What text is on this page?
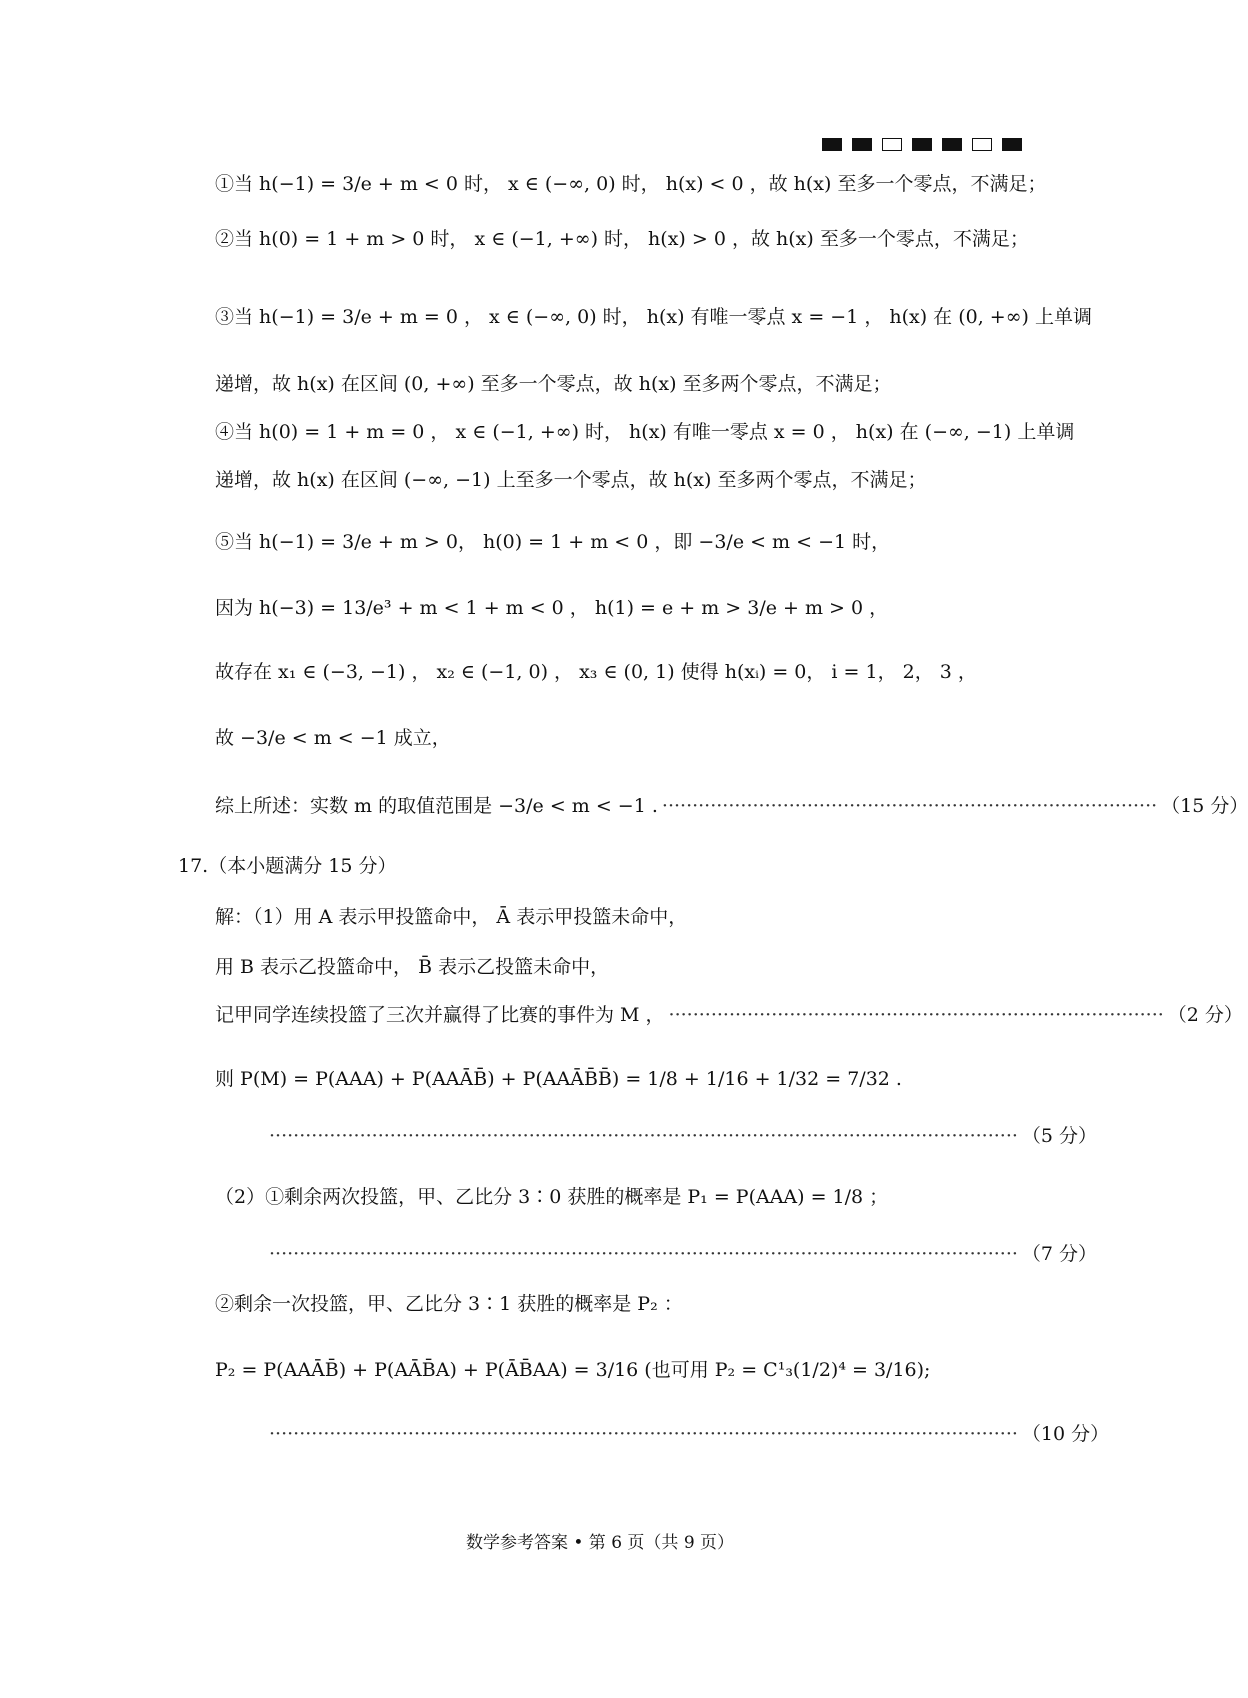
①当 h(−1) = 3/e + m < 0 时， x ∈ (−∞, 0) 时， h(x) < 0 ，故 h(x) 至多一个零点，不满足；
②当 h(0) = 1 + m > 0 时， x ∈ (−1, +∞) 时， h(x) > 0 ，故 h(x) 至多一个零点，不满足；
③当 h(−1) = 3/e + m = 0 ， x ∈ (−∞, 0) 时， h(x) 有唯一零点 x = −1 ， h(x) 在 (0, +∞) 上单调
递增，故 h(x) 在区间 (0, +∞) 至多一个零点，故 h(x) 至多两个零点，不满足；
④当 h(0) = 1 + m = 0 ， x ∈ (−1, +∞) 时， h(x) 有唯一零点 x = 0 ， h(x) 在 (−∞, −1) 上单调
递增，故 h(x) 在区间 (−∞, −1) 上至多一个零点，故 h(x) 至多两个零点，不满足；
⑤当 h(−1) = 3/e + m > 0， h(0) = 1 + m < 0 ，即 −3/e < m < −1 时，
因为 h(−3) = 13/e³ + m < 1 + m < 0 ， h(1) = e + m > 3/e + m > 0 ，
故存在 x₁ ∈ (−3, −1) ， x₂ ∈ (−1, 0) ， x₃ ∈ (0, 1) 使得 h(xᵢ) = 0， i = 1， 2， 3 ，
故 −3/e < m < −1 成立，
综上所述：实数 m 的取值范围是 −3/e < m < −1 . ·················································································· （15 分）
17.（本小题满分 15 分）
解：（1）用 A 表示甲投篮命中， Ā 表示甲投篮未命中，
用 B 表示乙投篮命中， B̄ 表示乙投篮未命中，
记甲同学连续投篮了三次并赢得了比赛的事件为 M ， ·················································································· （2 分）
则 P(M) = P(AAA) + P(AAĀB̄) + P(AAĀB̄B̄) = 1/8 + 1/16 + 1/32 = 7/32 .
···························································································································· （5 分）
（2）①剩余两次投篮，甲、乙比分 3∶0 获胜的概率是 P₁ = P(AAA) = 1/8 ；
···························································································································· （7 分）
②剩余一次投篮，甲、乙比分 3∶1 获胜的概率是 P₂ ：
P₂ = P(AAĀB̄) + P(AĀB̄A) + P(ĀB̄AA) = 3/16 (也可用 P₂ = C¹₃(1/2)⁴ = 3/16);
···························································································································· （10 分）
数学参考答案 • 第 6 页（共 9 页）
